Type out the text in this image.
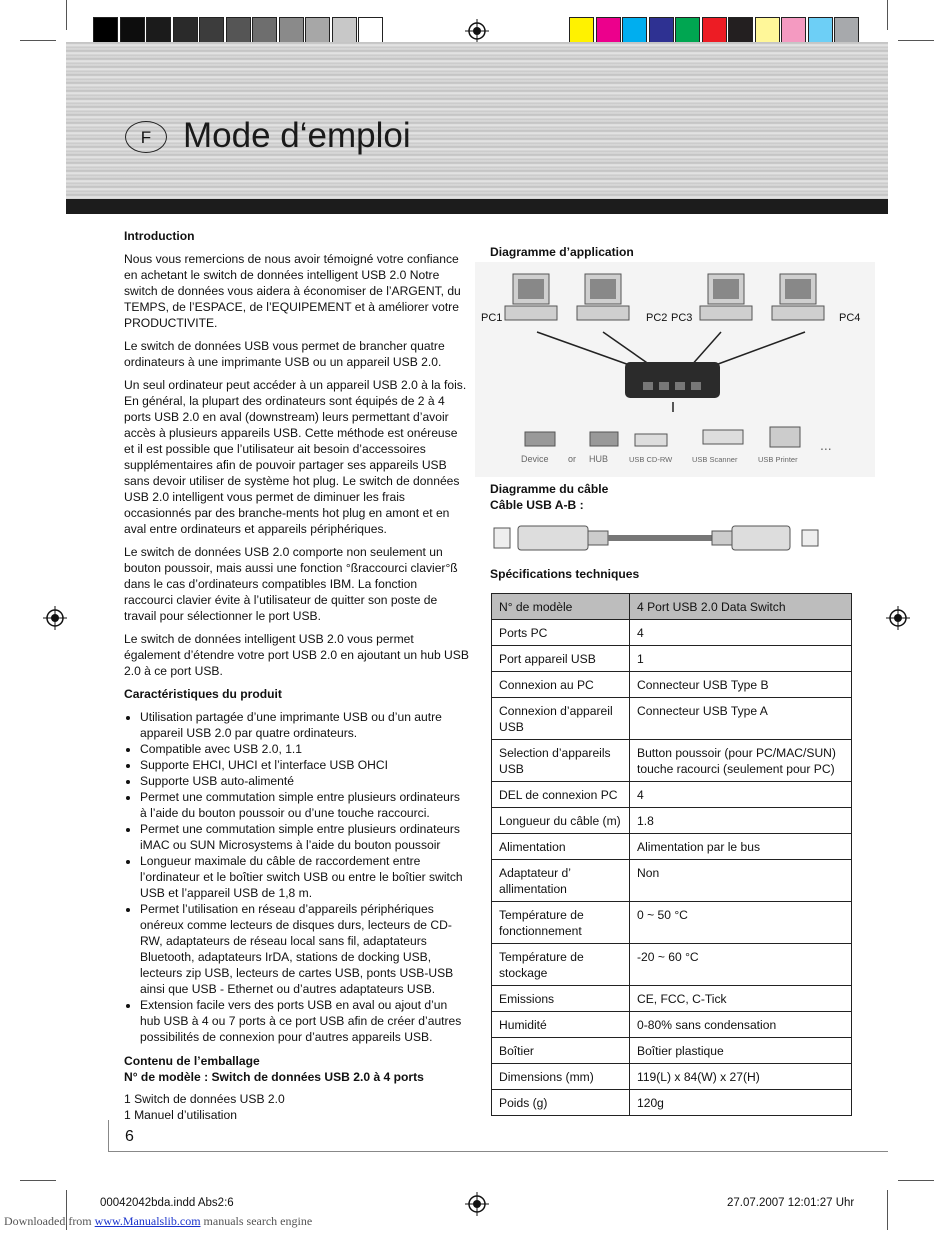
F Mode d‘emploi

Introduction

Nous vous remercions de nous avoir témoigné votre confiance en achetant le switch de données intelligent USB 2.0 Notre switch de données vous aidera à économiser de l’ARGENT, du TEMPS, de l’ESPACE, de l’EQUIPEMENT et à améliorer votre PRODUCTIVITE.

Le switch de données USB vous permet de brancher quatre ordinateurs à une imprimante USB ou un appareil USB 2.0.

Un seul ordinateur peut accéder à un appareil USB 2.0 à la fois. En général, la plupart des ordinateurs sont équipés de 2 à 4 ports USB 2.0 en aval (downstream) leurs permettant d’avoir accès à plusieurs appareils USB. Cette méthode est onéreuse et il est possible que l’utilisateur ait besoin d’accessoires supplémentaires afin de pouvoir partager ses appareils USB sans devoir utiliser de système hot plug. Le switch de données USB 2.0 intelligent vous permet de diminuer les frais occasionnés par des branche-ments hot plug en amont et en aval entre ordinateurs et appareils périphériques.

Le switch de données USB 2.0 comporte non seulement un bouton poussoir, mais aussi une fonction °ßraccourci clavier°ß dans le cas d’ordinateurs compatibles IBM. La fonction raccourci clavier évite à l’utilisateur de quitter son poste de travail pour sélectionner le port USB.

Le switch de données intelligent USB 2.0 vous permet également d’étendre votre port USB 2.0 en ajoutant un hub USB 2.0 à ce port USB.

Caractéristiques du produit

• Utilisation partagée d’une imprimante USB ou d’un autre appareil USB 2.0 par quatre ordinateurs.
• Compatible avec USB 2.0, 1.1
• Supporte EHCI, UHCI et l’interface USB OHCI
• Supporte USB auto-alimenté
• Permet une commutation simple entre plusieurs ordinateurs à l’aide du bouton poussoir ou d’une touche raccourci.
• Permet une commutation simple entre plusieurs ordinateurs iMAC ou SUN Microsystems à l’aide du bouton poussoir
• Longueur maximale du câble de raccordement entre l’ordinateur et le boîtier switch USB ou entre le boîtier switch USB et l’appareil USB de 1,8 m.
• Permet l’utilisation en réseau d’appareils périphériques onéreux comme lecteurs de disques durs, lecteurs de CD-RW, adaptateurs de réseau local sans fil, adaptateurs Bluetooth, adaptateurs IrDA, stations de docking USB, lecteurs zip USB, lecteurs de cartes USB, ponts USB-USB ainsi que USB - Ethernet ou d’autres adaptateurs USB.
• Extension facile vers des ports USB en aval ou ajout d’un hub USB à 4 ou 7 ports à ce port USB afin de créer d’autres possibilités de connexion pour d’autres appareils USB.

Contenu de l’emballage

N° de modèle : Switch de données USB 2.0 à 4 ports

1 Switch de données USB 2.0

1 Manuel d’utilisation

Diagramme d’application
Device or HUB	USB CD-RW	USB Scanner	USB Printer
...
PC1	PC2 PC3	PC4
Diagramme du câble
Câble USB A-B :
Spécifications techniques
N° de modèle	4 Port USB 2.0 Data Switch
Ports PC	4
Port appareil USB	1
Connexion au PC	Connecteur USB Type B
Connexion d’appareil USB	Connecteur USB Type A
Selection d’appareils USB	Button poussoir (pour PC/MAC/SUN) touche racourci (seulement pour PC)
DEL de connexion PC	4
Longueur du câble (m)	1.8
Alimentation	Alimentation par le bus
Adaptateur d’ allimentation	Non
Température de fonctionnement	0 ~ 50 °C
Température de stockage	-20 ~ 60 °C
Emissions	CE, FCC, C-Tick
Humidité	0-80% sans condensation
Boîtier	Boîtier plastique
Dimensions (mm)	119(L) x 84(W) x 27(H)
Poids (g)	120g
6
00042042bda.indd Abs2:6	27.07.2007 12:01:27 Uhr
Downloaded from www.Manualslib.com manuals search engine
